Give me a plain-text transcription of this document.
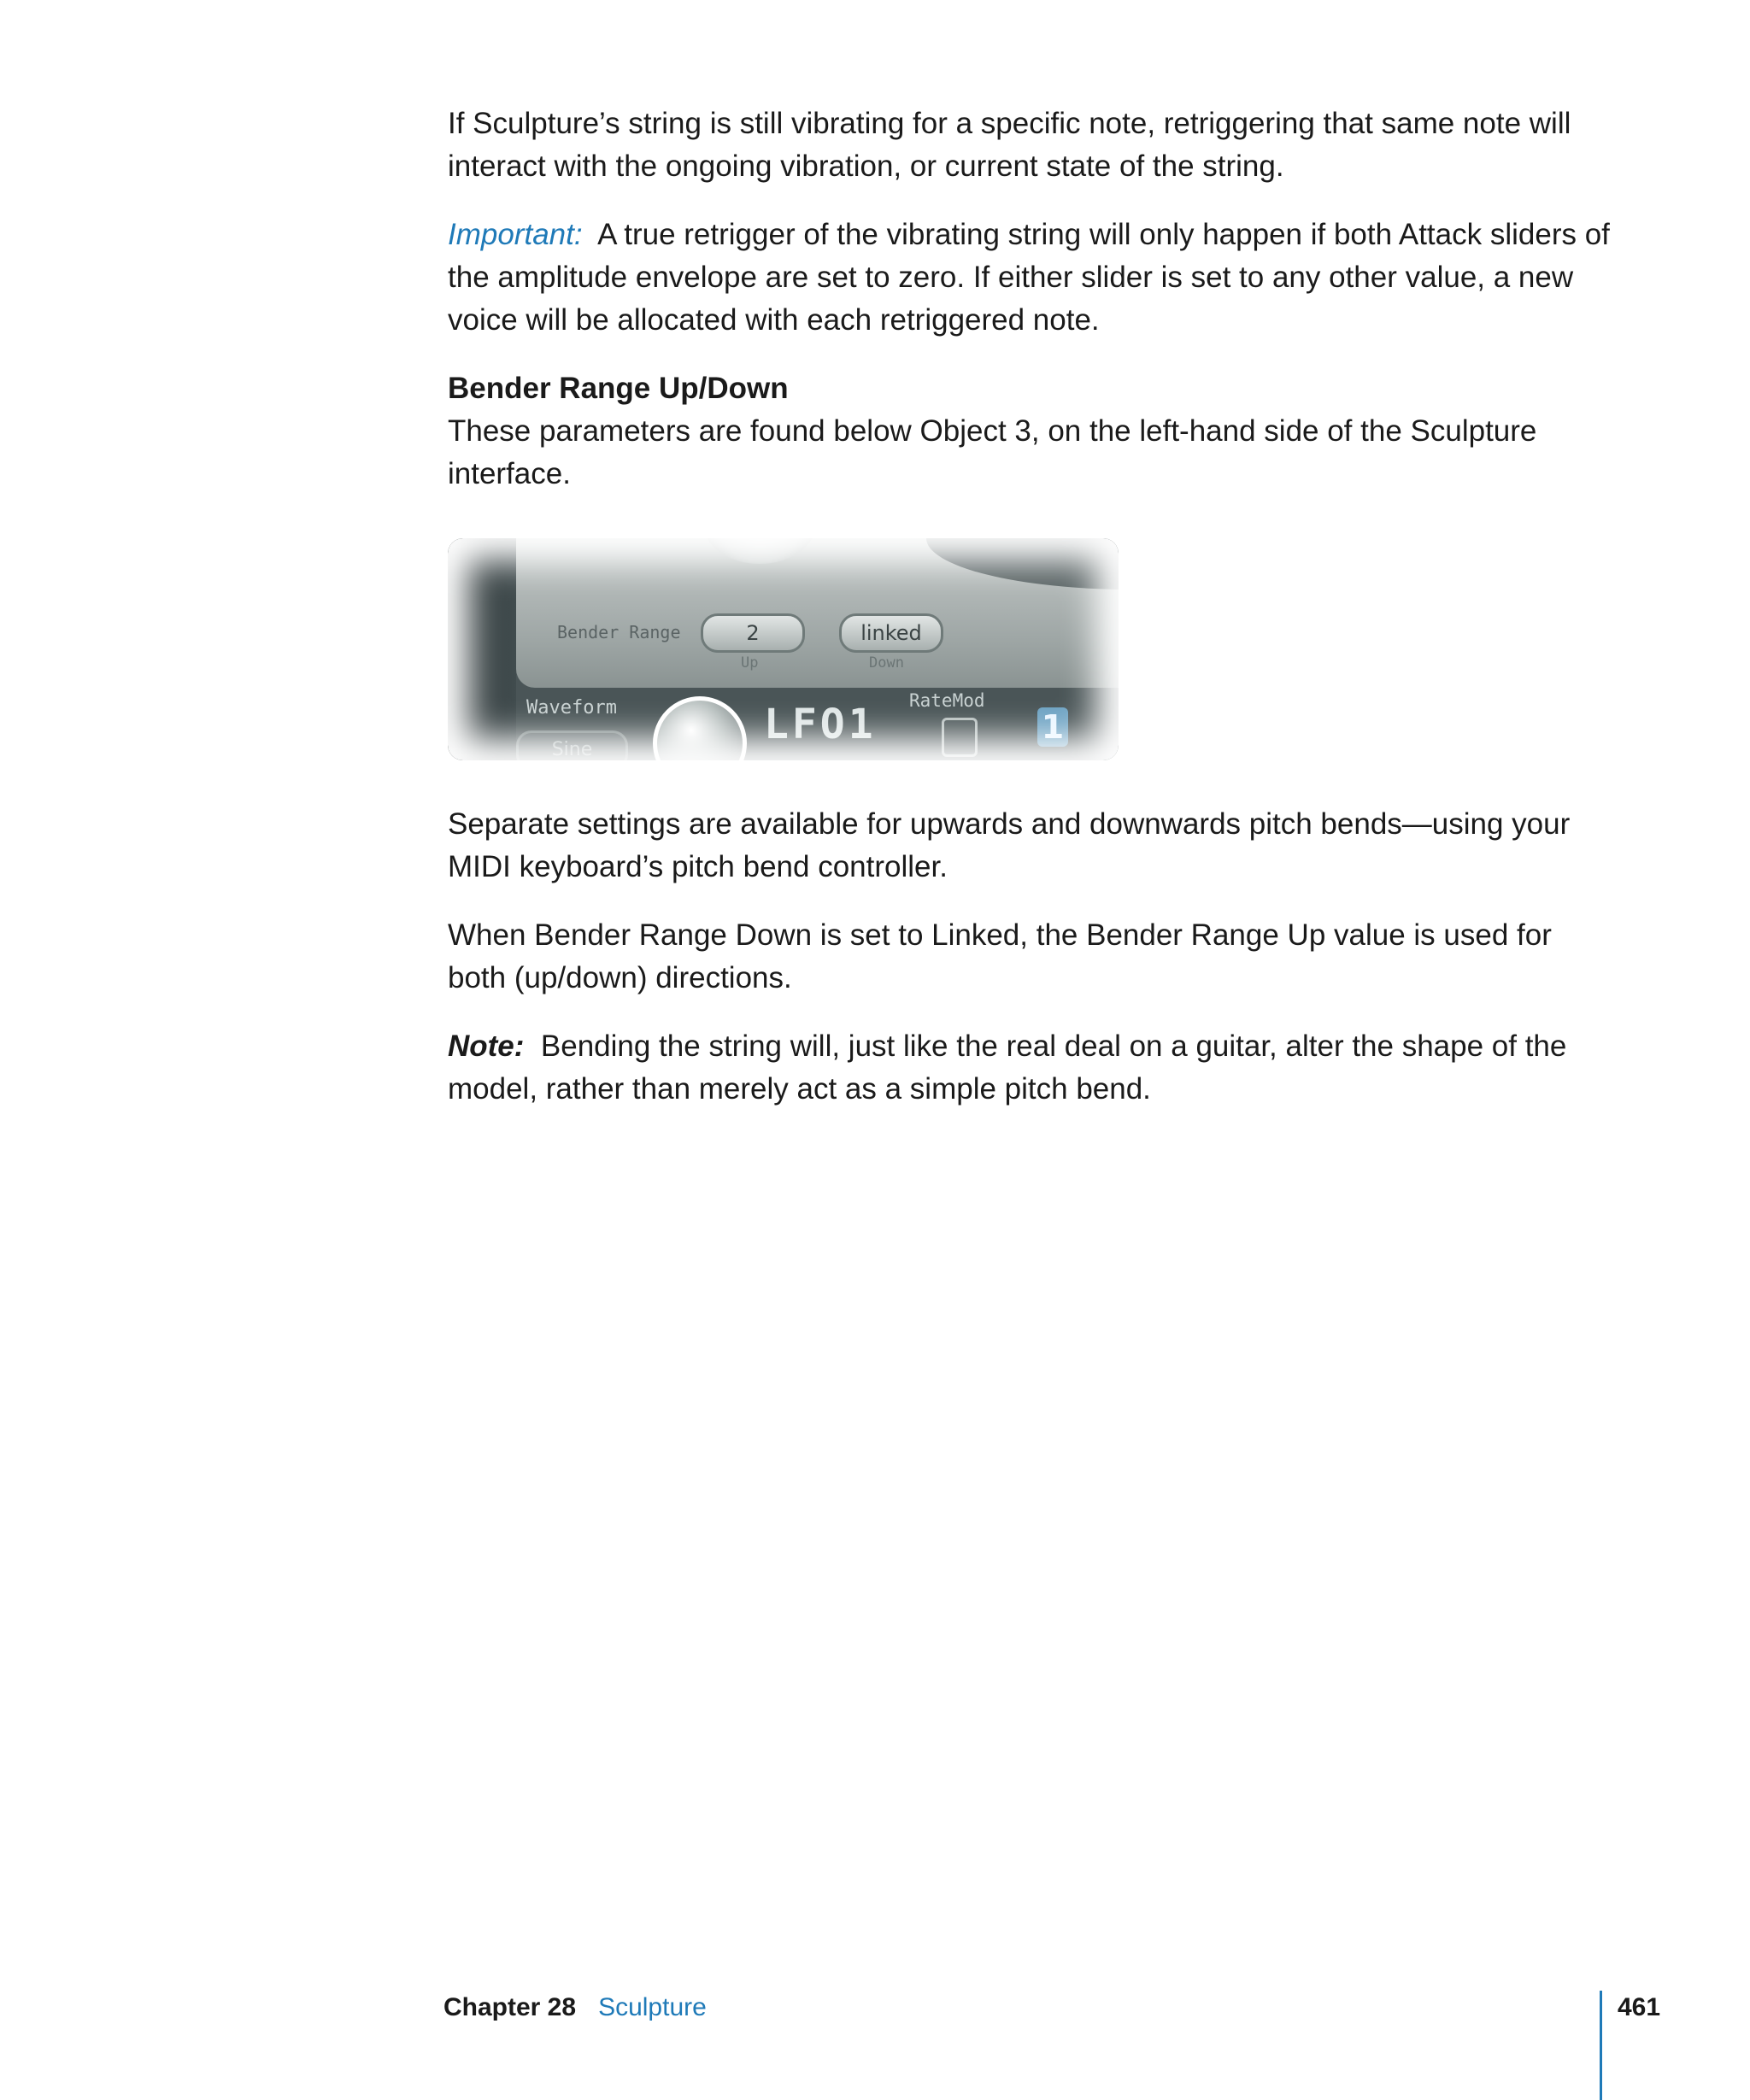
If Sculpture’s string is still vibrating for a specific note, retriggering that same note will interact with the ongoing vibration, or current state of the string.

Important: A true retrigger of the vibrating string will only happen if both Attack sliders of the amplitude envelope are set to zero. If either slider is set to any other value, a new voice will be allocated with each retriggered note.

Bender Range Up/Down

These parameters are found below Object 3, on the left-hand side of the Sculpture interface.

Bender Range	2
Up
linked
Down
Waveform
Sine
LFO1 RateMod
1

Separate settings are available for upwards and downwards pitch bends—using your MIDI keyboard’s pitch bend controller.

When Bender Range Down is set to Linked, the Bender Range Up value is used for both (up/down) directions.

Note: Bending the string will, just like the real deal on a guitar, alter the shape of the model, rather than merely act as a simple pitch bend.

Chapter 28 Sculpture	461
